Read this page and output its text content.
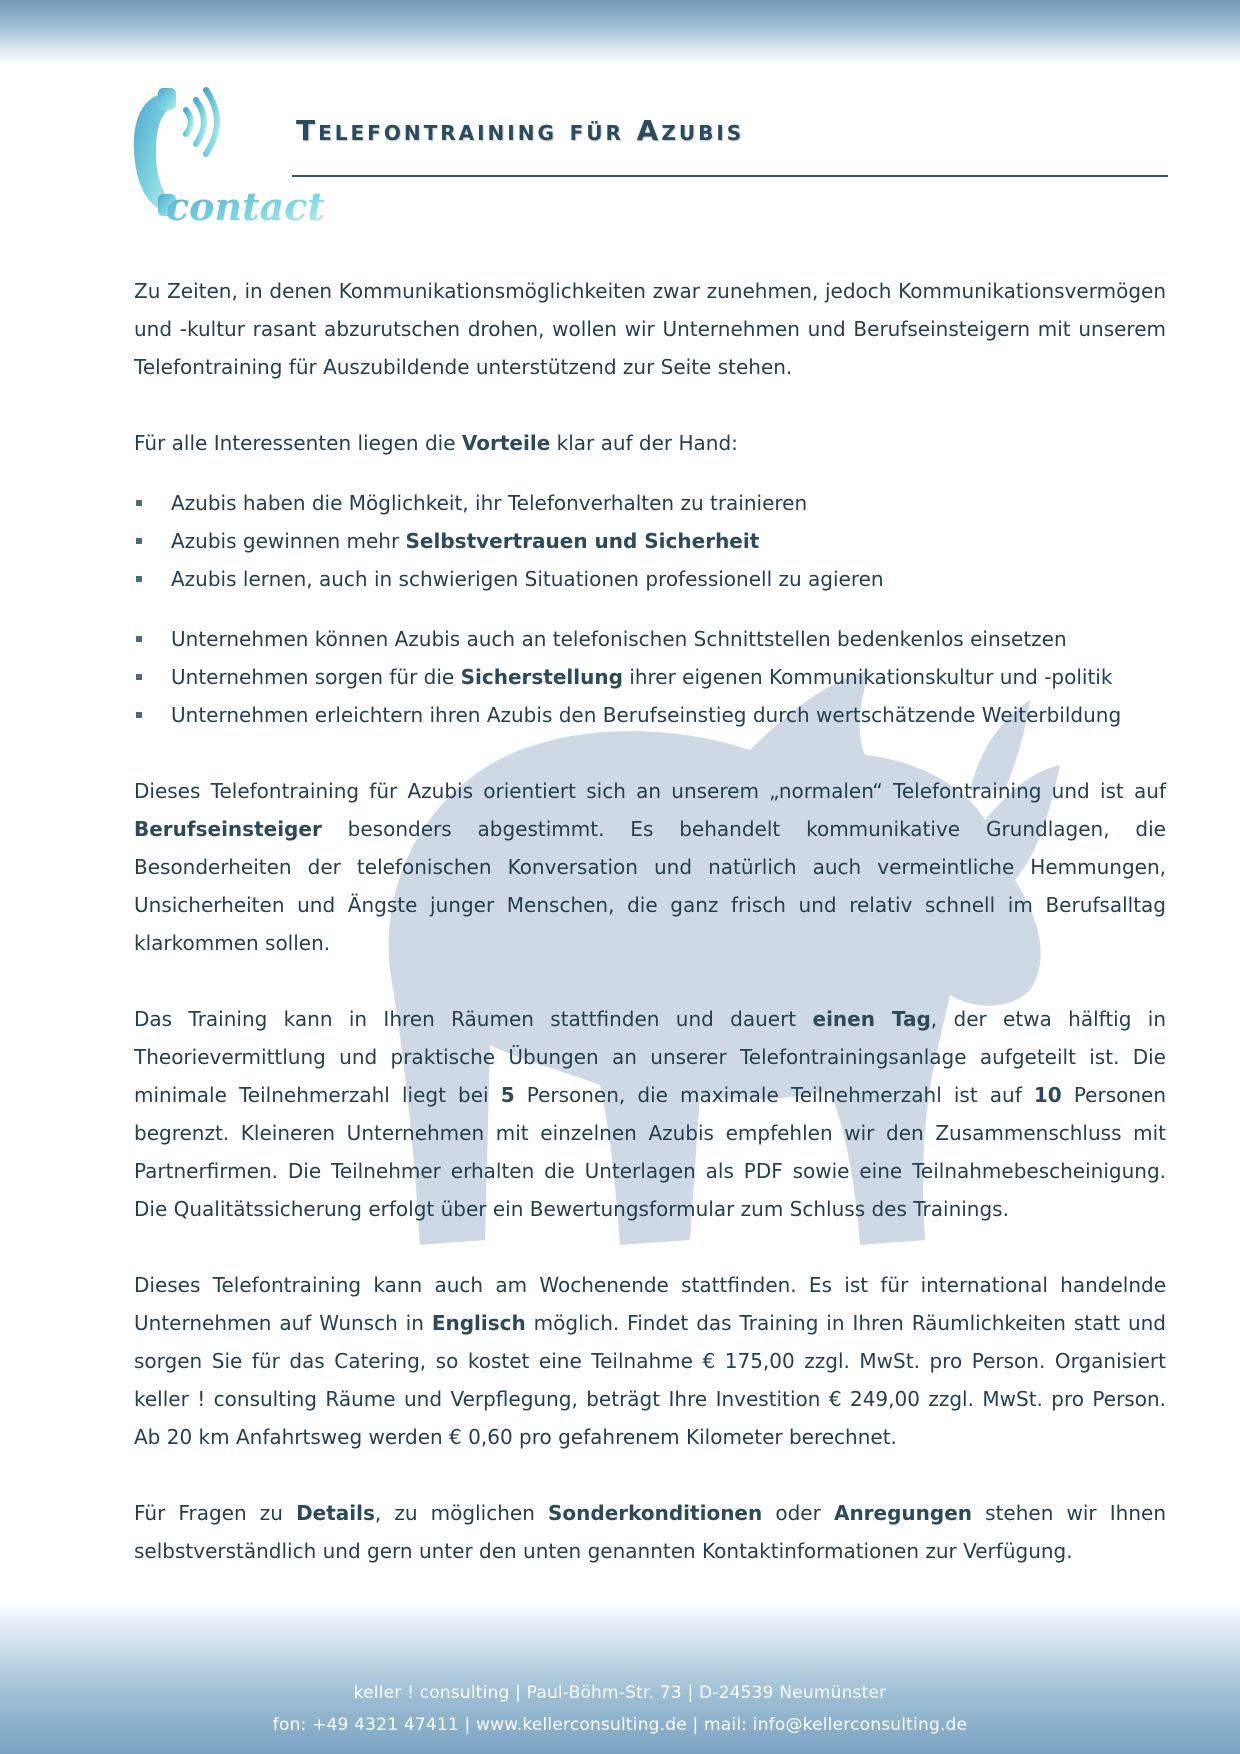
contact
Telefontraining für Azubis

Zu Zeiten, in denen Kommunikationsmöglichkeiten zwar zunehmen, jedoch Kommunikationsvermögen und -kultur rasant abzurutschen drohen, wollen wir Unternehmen und Berufseinsteigern mit unserem Telefontraining für Auszubildende unterstützend zur Seite stehen.

Für alle Interessenten liegen die Vorteile klar auf der Hand:

Azubis haben die Möglichkeit, ihr Telefonverhalten zu trainieren
Azubis gewinnen mehr Selbstvertrauen und Sicherheit
Azubis lernen, auch in schwierigen Situationen professionell zu agieren
Unternehmen können Azubis auch an telefonischen Schnittstellen bedenkenlos einsetzen
Unternehmen sorgen für die Sicherstellung ihrer eigenen Kommunikationskultur und -politik
Unternehmen erleichtern ihren Azubis den Berufseinstieg durch wertschätzende Weiterbildung

Dieses Telefontraining für Azubis orientiert sich an unserem „normalen“ Telefontraining und ist auf Berufseinsteiger besonders abgestimmt. Es behandelt kommunikative Grundlagen, die Besonderheiten der telefonischen Konversation und natürlich auch vermeintliche Hemmungen, Unsicherheiten und Ängste junger Menschen, die ganz frisch und relativ schnell im Berufsalltag klarkommen sollen.

Das Training kann in Ihren Räumen stattfinden und dauert einen Tag, der etwa hälftig in Theorievermittlung und praktische Übungen an unserer Telefontrainingsanlage aufgeteilt ist. Die minimale Teilnehmerzahl liegt bei 5 Personen, die maximale Teilnehmerzahl ist auf 10 Personen begrenzt. Kleineren Unternehmen mit einzelnen Azubis empfehlen wir den Zusammenschluss mit Partnerfirmen. Die Teilnehmer erhalten die Unterlagen als PDF sowie eine Teilnahmebescheinigung. Die Qualitätssicherung erfolgt über ein Bewertungsformular zum Schluss des Trainings.

Dieses Telefontraining kann auch am Wochenende stattfinden. Es ist für international handelnde Unternehmen auf Wunsch in Englisch möglich. Findet das Training in Ihren Räumlichkeiten statt und sorgen Sie für das Catering, so kostet eine Teilnahme € 175,00 zzgl. MwSt. pro Person. Organisiert keller ! consulting Räume und Verpflegung, beträgt Ihre Investition € 249,00 zzgl. MwSt. pro Person. Ab 20 km Anfahrtsweg werden € 0,60 pro gefahrenem Kilometer berechnet.

Für Fragen zu Details, zu möglichen Sonderkonditionen oder Anregungen stehen wir Ihnen selbstverständlich und gern unter den unten genannten Kontaktinformationen zur Verfügung.

keller ! consulting | Paul-Böhm-Str. 73 | D-24539 Neumünster
fon: +49 4321 47411 | www.kellerconsulting.de | mail: info@kellerconsulting.de
